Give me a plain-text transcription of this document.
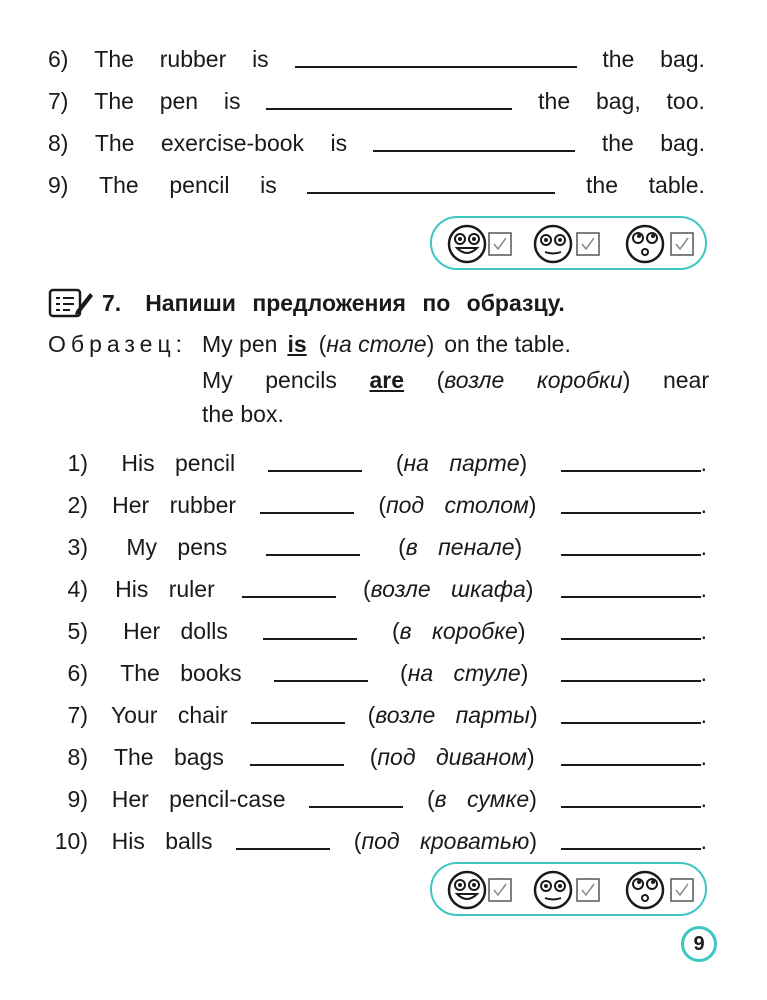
6) The rubber is	the bag.
7) The pen is	the bag, too.
8) The exercise-book is	the bag.
9) The pencil is	the table.
7. Напиши предложения по образцу.
Образец: My pen is (на столе) on the table.
My pencils are (возле коробки) near
the box.
1) His pencil	(на парте)	.
2) Her rubber	(под столом)	.
3) My pens	(в пенале)	.
4) His ruler	(возле шкафа)	.
5) Her dolls	(в коробке)	.
6) The books	(на стуле)	.
7) Your chair	(возле парты)	.
8) The bags	(под диваном)	.
9) Her pencil-case	(в сумке)	.
10) His balls	(под кроватью)	.
9
